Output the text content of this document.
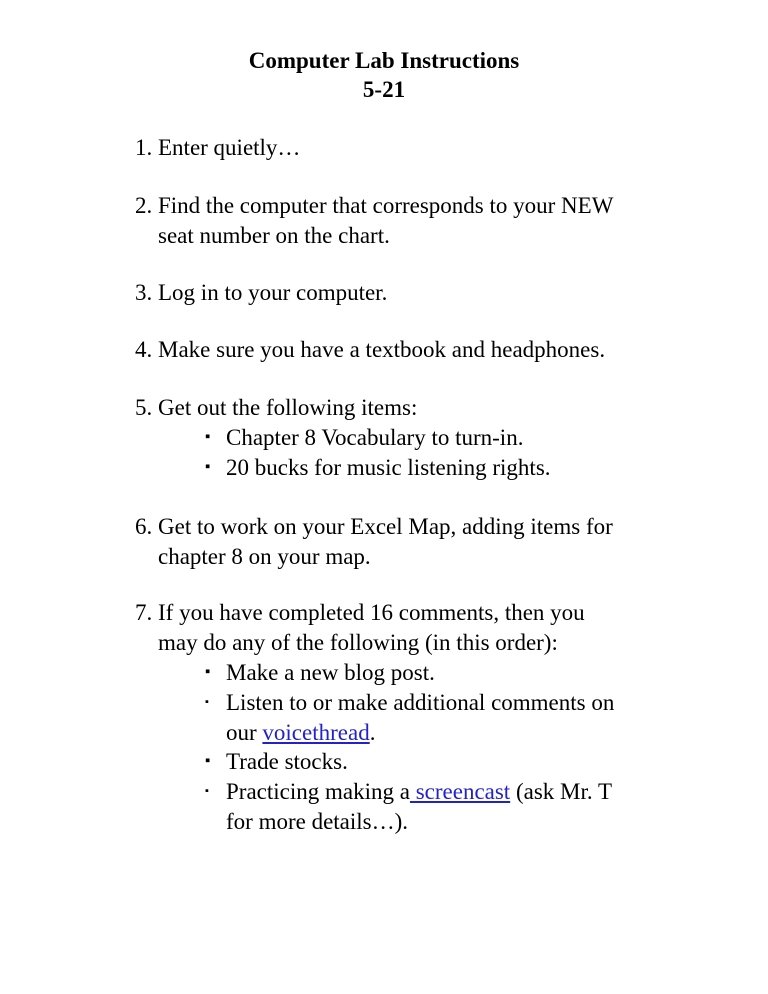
Computer Lab Instructions
5-21
1. Enter quietly…
2. Find the computer that corresponds to your NEW
seat number on the chart.
3. Log in to your computer.
4. Make sure you have a textbook and headphones.
5. Get out the following items:
▪ Chapter 8 Vocabulary to turn-in.
▪ 20 bucks for music listening rights.
6. Get to work on your Excel Map, adding items for
chapter 8 on your map.
7. If you have completed 16 comments, then you
may do any of the following (in this order):
▪ Make a new blog post.
▪ Listen to or make additional comments on
our voicethread.
▪ Trade stocks.
▪ Practicing making a screencast (ask Mr. T
for more details…).
